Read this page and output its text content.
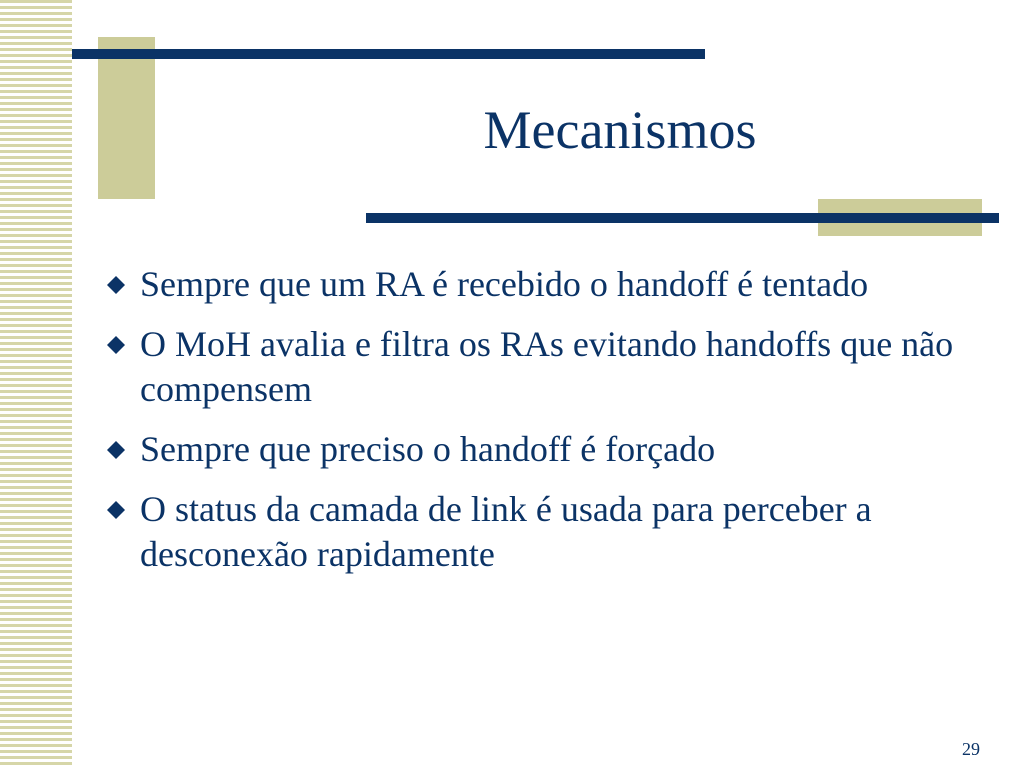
Mecanismos
Sempre que um RA é recebido o handoff é tentado
O MoH avalia e filtra os RAs evitando handoffs que não compensem
Sempre que preciso o handoff é forçado
O status da camada de link é usada para perceber a desconexão rapidamente
29
